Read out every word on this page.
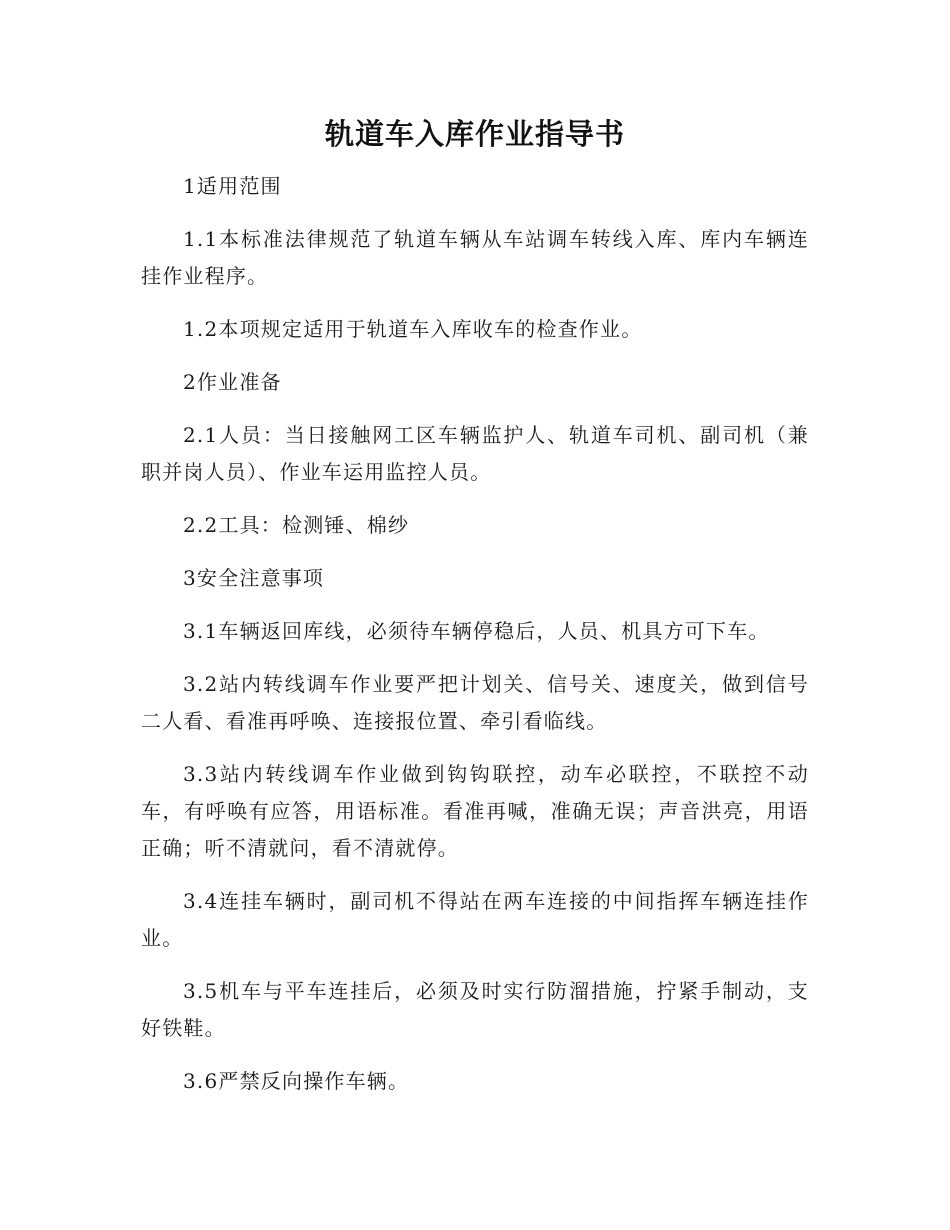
轨道车入库作业指导书

1适用范围

1.1本标准法律规范了轨道车辆从车站调车转线入库、库内车辆连挂作业程序。

1.2本项规定适用于轨道车入库收车的检查作业。

2作业准备

2.1人员：当日接触网工区车辆监护人、轨道车司机、副司机（兼职并岗人员）、作业车运用监控人员。

2.2工具：检测锤、棉纱

3安全注意事项

3.1车辆返回库线，必须待车辆停稳后，人员、机具方可下车。

3.2站内转线调车作业要严把计划关、信号关、速度关，做到信号二人看、看准再呼唤、连接报位置、牵引看临线。

3.3站内转线调车作业做到钩钩联控，动车必联控，不联控不动车，有呼唤有应答，用语标准。看准再喊，准确无误；声音洪亮，用语正确；听不清就问，看不清就停。

3.4连挂车辆时，副司机不得站在两车连接的中间指挥车辆连挂作业。

3.5机车与平车连挂后，必须及时实行防溜措施，拧紧手制动，支好铁鞋。

3.6严禁反向操作车辆。
